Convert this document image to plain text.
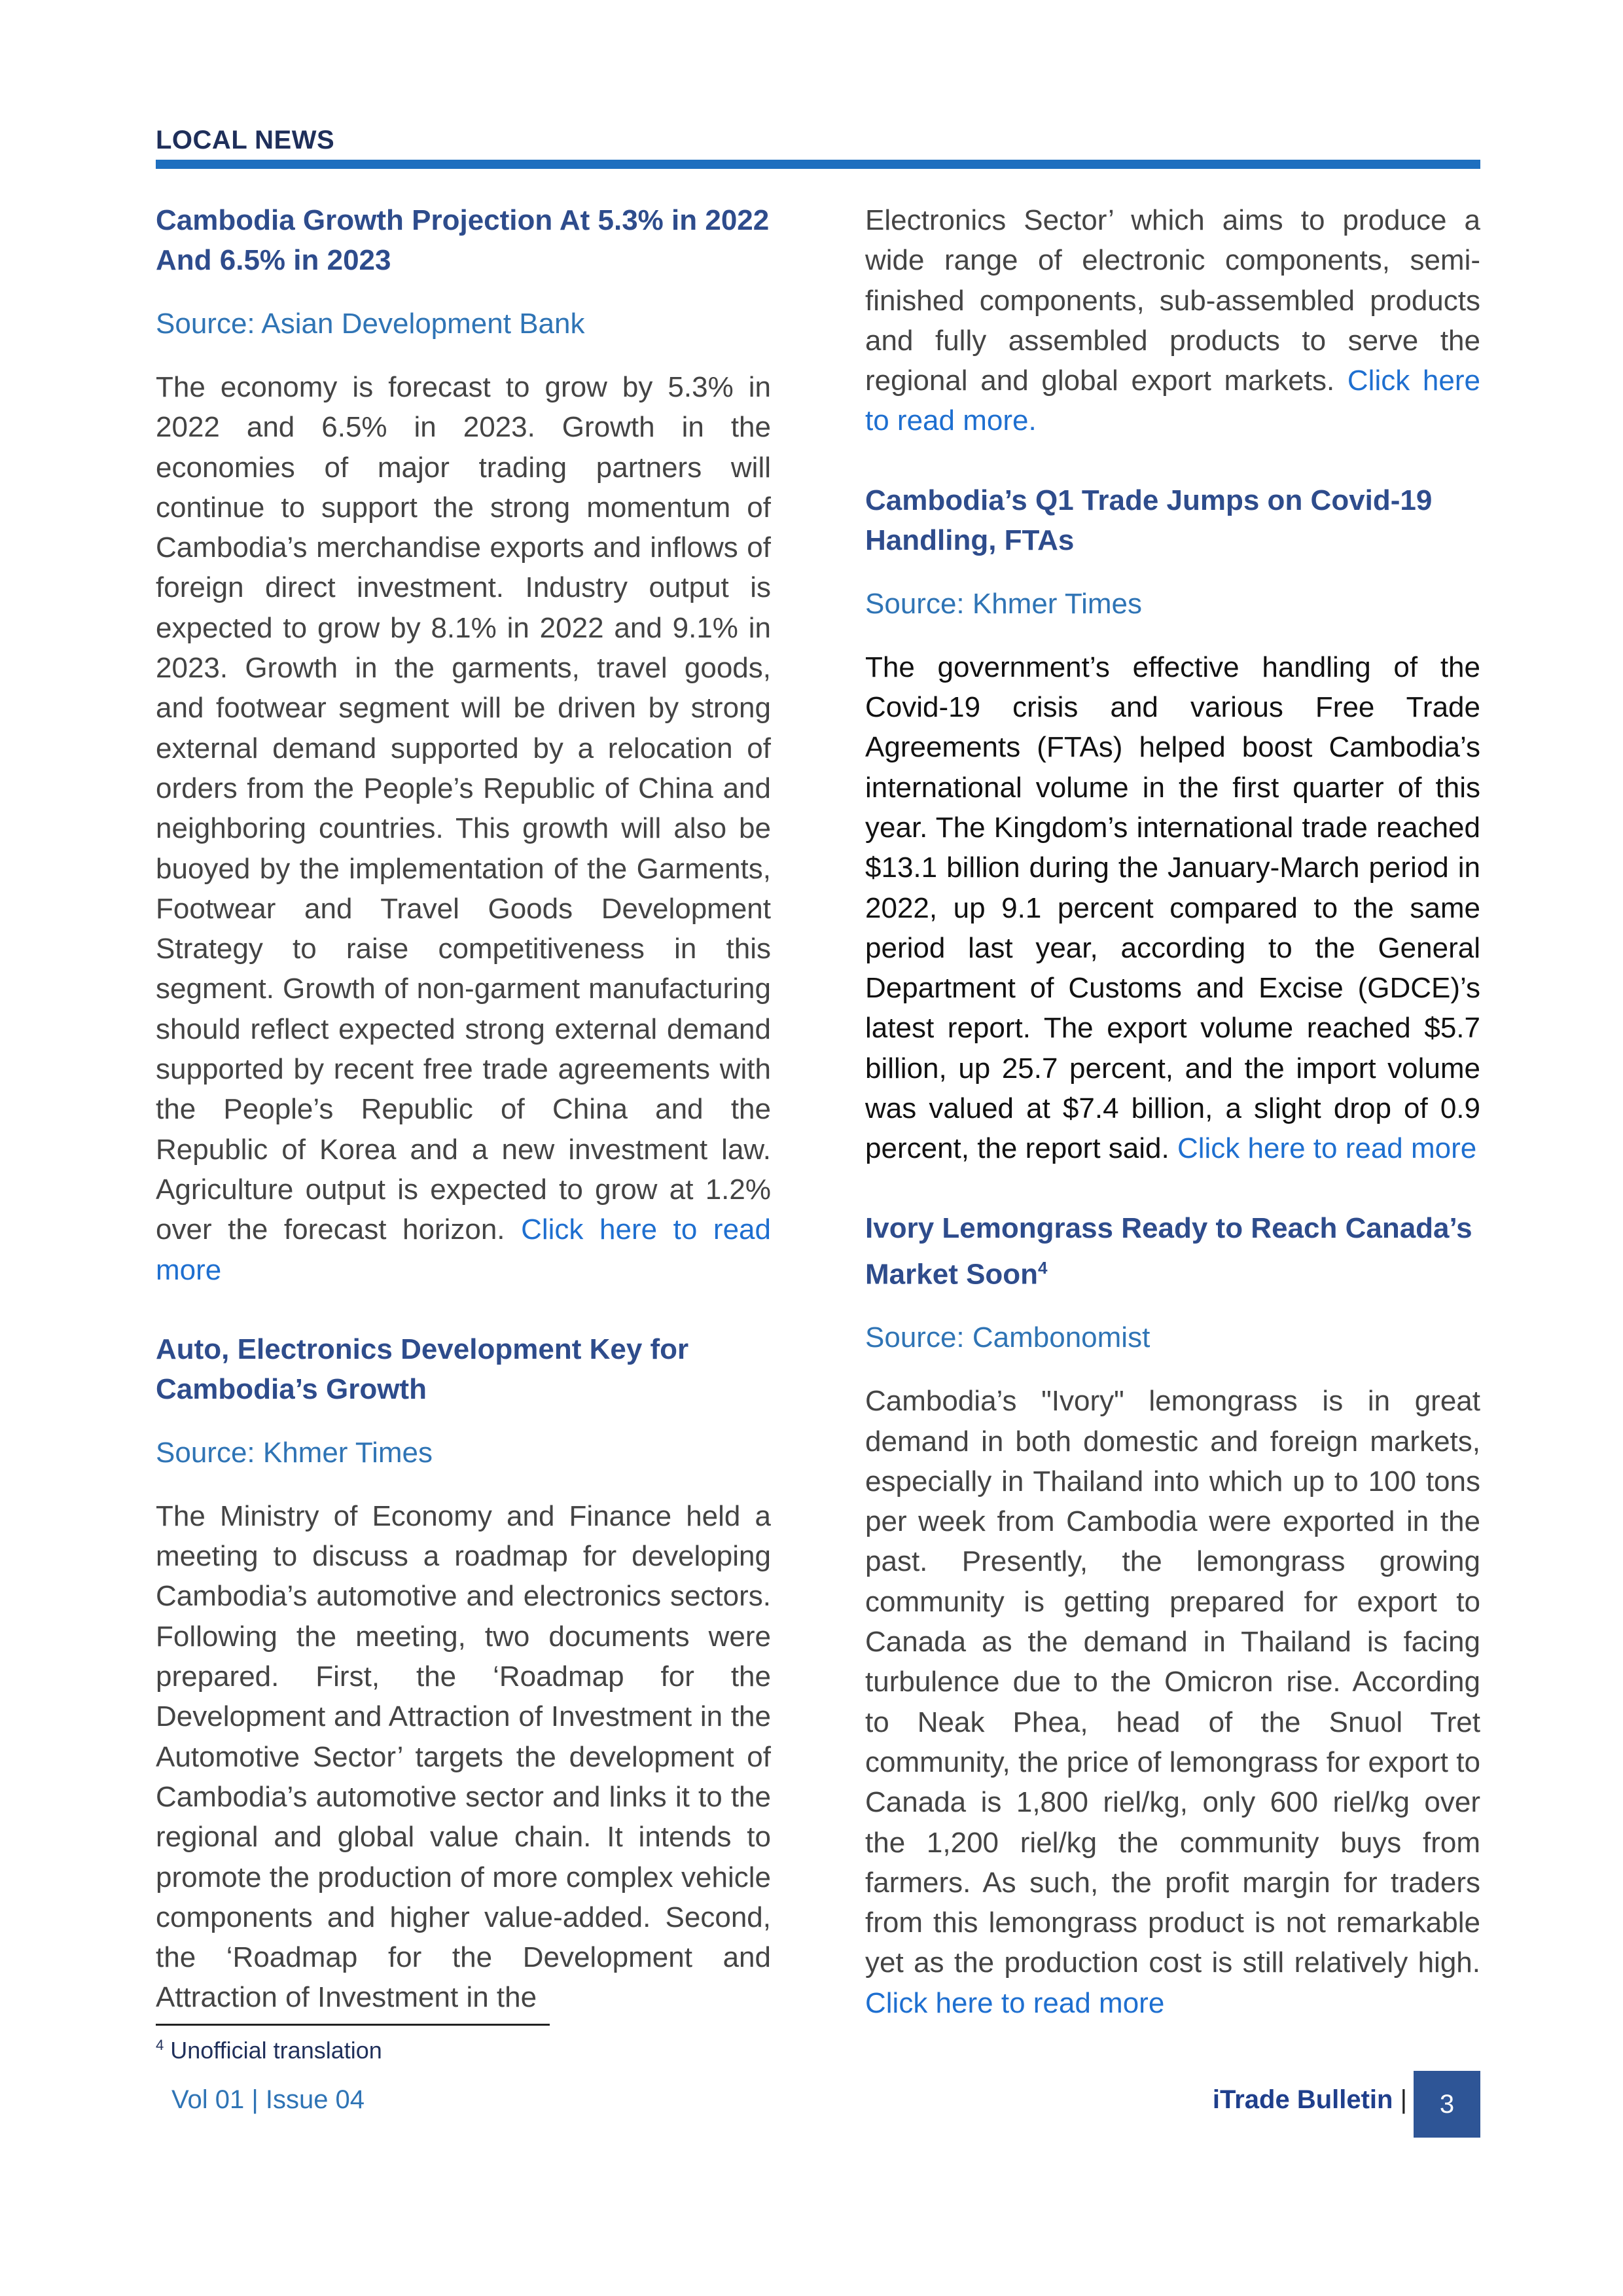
LOCAL NEWS
Cambodia Growth Projection At 5.3% in 2022 And 6.5% in 2023
Source: Asian Development Bank

The economy is forecast to grow by 5.3% in 2022 and 6.5% in 2023. Growth in the economies of major trading partners will continue to support the strong momentum of Cambodia’s merchandise exports and inflows of foreign direct investment. Industry output is expected to grow by 8.1% in 2022 and 9.1% in 2023. Growth in the garments, travel goods, and footwear segment will be driven by strong external demand supported by a relocation of orders from the People’s Republic of China and neighboring countries. This growth will also be buoyed by the implementation of the Garments, Footwear and Travel Goods Development Strategy to raise competitiveness in this segment. Growth of non-garment manufacturing should reflect expected strong external demand supported by recent free trade agreements with the People’s Republic of China and the Republic of Korea and a new investment law. Agriculture output is expected to grow at 1.2% over the forecast horizon. Click here to read more

Auto, Electronics Development Key for Cambodia’s Growth
Source: Khmer Times

The Ministry of Economy and Finance held a meeting to discuss a roadmap for developing Cambodia’s automotive and electronics sectors. Following the meeting, two documents were prepared. First, the ‘Roadmap for the Development and Attraction of Investment in the Automotive Sector’ targets the development of Cambodia’s automotive sector and links it to the regional and global value chain. It intends to promote the production of more complex vehicle components and higher value-added. Second, the ‘Roadmap for the Development and Attraction of Investment in the

Electronics Sector’ which aims to produce a wide range of electronic components, semi-finished components, sub-assembled products and fully assembled products to serve the regional and global export markets. Click here to read more.

Cambodia’s Q1 Trade Jumps on Covid-19 Handling, FTAs
Source: Khmer Times

The government’s effective handling of the Covid-19 crisis and various Free Trade Agreements (FTAs) helped boost Cambodia’s international volume in the first quarter of this year. The Kingdom’s international trade reached $13.1 billion during the January-March period in 2022, up 9.1 percent compared to the same period last year, according to the General Department of Customs and Excise (GDCE)’s latest report. The export volume reached $5.7 billion, up 25.7 percent, and the import volume was valued at $7.4 billion, a slight drop of 0.9 percent, the report said. Click here to read more

Ivory Lemongrass Ready to Reach Canada’s Market Soon$^4$
Source: Cambonomist

Cambodia’s "Ivory" lemongrass is in great demand in both domestic and foreign markets, especially in Thailand into which up to 100 tons per week from Cambodia were exported in the past. Presently, the lemongrass growing community is getting prepared for export to Canada as the demand in Thailand is facing turbulence due to the Omicron rise. According to Neak Phea, head of the Snuol Tret community, the price of lemongrass for export to Canada is 1,800 riel/kg, only 600 riel/kg over the 1,200 riel/kg the community buys from farmers. As such, the profit margin for traders from this lemongrass product is not remarkable yet as the production cost is still relatively high. Click here to read more

$^4$ Unofficial translation
Vol 01 | Issue 04	iTrade Bulletin |	3
